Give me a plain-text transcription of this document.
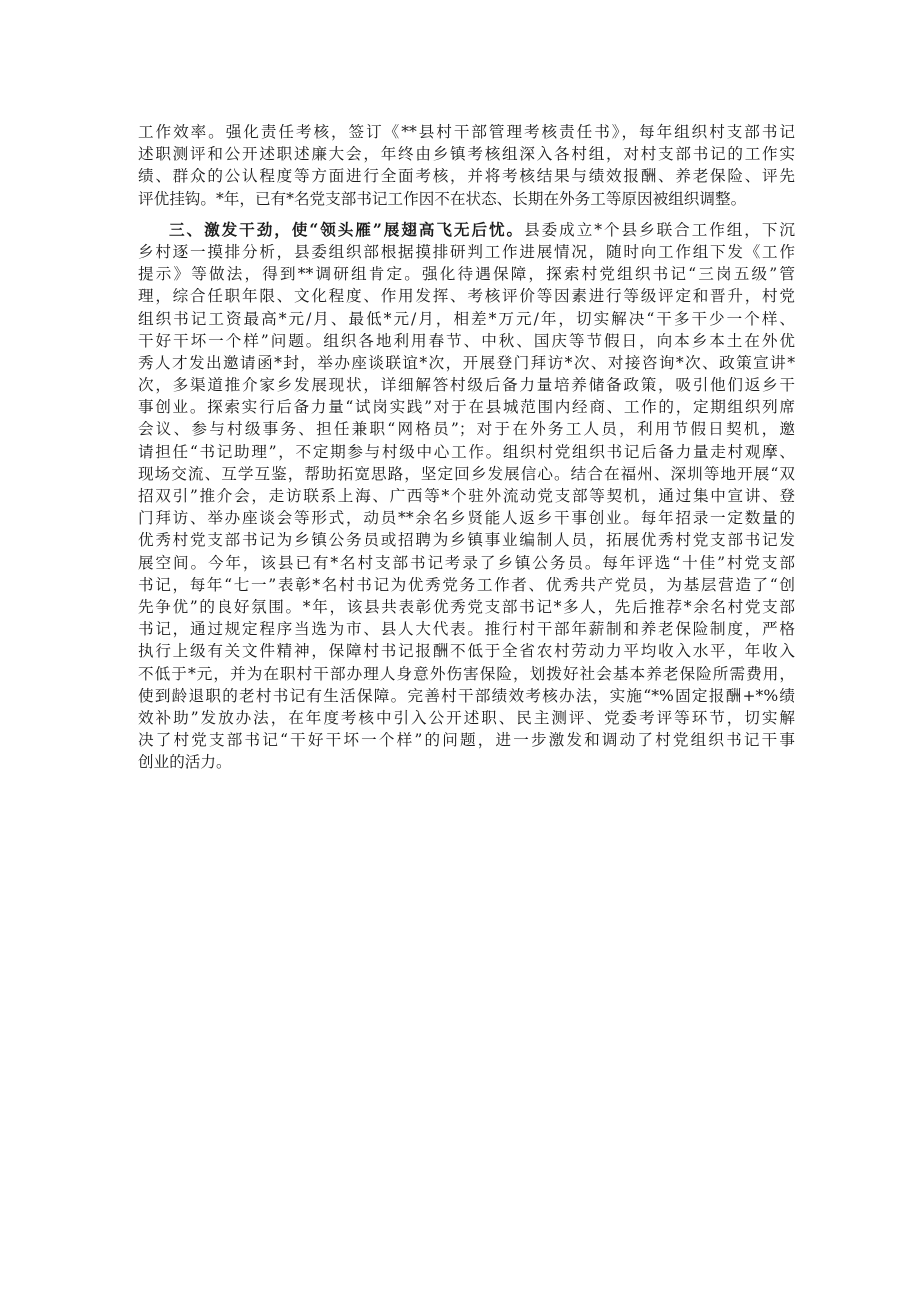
工作效率。强化责任考核，签订《**县村干部管理考核责任书》，每年组织村支部书记
述职测评和公开述职述廉大会，年终由乡镇考核组深入各村组，对村支部书记的工作实
绩、群众的公认程度等方面进行全面考核，并将考核结果与绩效报酬、养老保险、评先
评优挂钩。*年，已有*名党支部书记工作因不在状态、长期在外务工等原因被组织调整。
三、激发干劲，使“领头雁”展翅高飞无后忧。县委成立*个县乡联合工作组，下沉
乡村逐一摸排分析，县委组织部根据摸排研判工作进展情况，随时向工作组下发《工作
提示》等做法，得到**调研组肯定。强化待遇保障，探索村党组织书记“三岗五级”管
理，综合任职年限、文化程度、作用发挥、考核评价等因素进行等级评定和晋升，村党
组织书记工资最高*元/月、最低*元/月，相差*万元/年，切实解决“干多干少一个样、
干好干坏一个样”问题。组织各地利用春节、中秋、国庆等节假日，向本乡本土在外优
秀人才发出邀请函*封，举办座谈联谊*次，开展登门拜访*次、对接咨询*次、政策宣讲*
次，多渠道推介家乡发展现状，详细解答村级后备力量培养储备政策，吸引他们返乡干
事创业。探索实行后备力量“试岗实践”对于在县城范围内经商、工作的，定期组织列席
会议、参与村级事务、担任兼职“网格员”；对于在外务工人员，利用节假日契机，邀
请担任“书记助理”，不定期参与村级中心工作。组织村党组织书记后备力量走村观摩、
现场交流、互学互鉴，帮助拓宽思路，坚定回乡发展信心。结合在福州、深圳等地开展“双
招双引”推介会，走访联系上海、广西等*个驻外流动党支部等契机，通过集中宣讲、登
门拜访、举办座谈会等形式，动员**余名乡贤能人返乡干事创业。每年招录一定数量的
优秀村党支部书记为乡镇公务员或招聘为乡镇事业编制人员，拓展优秀村党支部书记发
展空间。今年，该县已有*名村支部书记考录了乡镇公务员。每年评选“十佳”村党支部
书记，每年“七一”表彰*名村书记为优秀党务工作者、优秀共产党员，为基层营造了“创
先争优”的良好氛围。*年，该县共表彰优秀党支部书记*多人，先后推荐*余名村党支部
书记，通过规定程序当选为市、县人大代表。推行村干部年薪制和养老保险制度，严格
执行上级有关文件精神，保障村书记报酬不低于全省农村劳动力平均收入水平，年收入
不低于*元，并为在职村干部办理人身意外伤害保险，划拨好社会基本养老保险所需费用，
使到龄退职的老村书记有生活保障。完善村干部绩效考核办法，实施“*%固定报酬+*%绩
效补助”发放办法，在年度考核中引入公开述职、民主测评、党委考评等环节，切实解
决了村党支部书记“干好干坏一个样”的问题，进一步激发和调动了村党组织书记干事
创业的活力。
